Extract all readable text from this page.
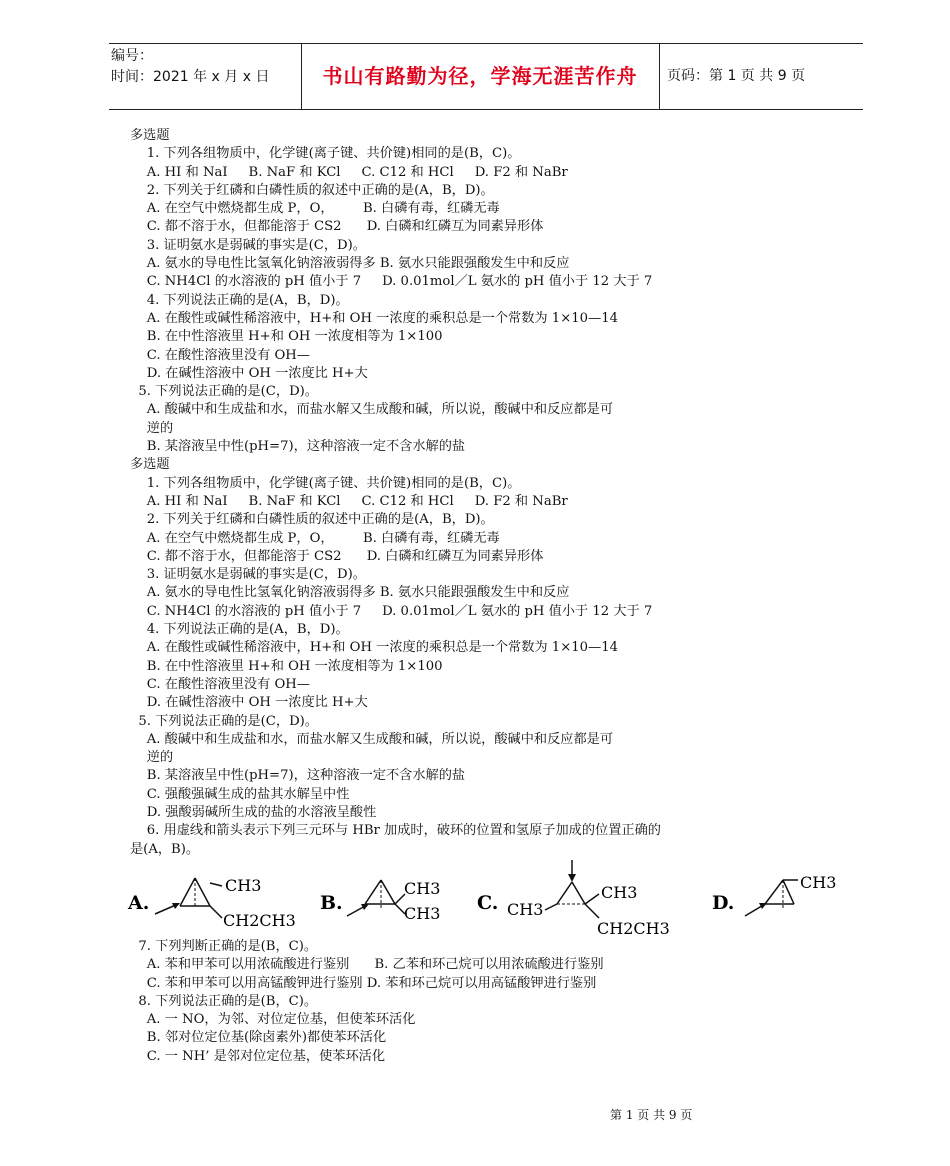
编号：
时间：2021 年 x 月 x 日	书山有路勤为径，学海无涯苦作舟	页码：第 1 页 共 9 页
多选题
1. 下列各组物质中，化学键(离子键、共价键)相同的是(B，C)。
A. HI 和 NaI     B. NaF 和 KCl     C. C12 和 HCl     D. F2 和 NaBr
2. 下列关于红磷和白磷性质的叙述中正确的是(A，B，D)。
A. 在空气中燃烧都生成 P，O，       B. 白磷有毒，红磷无毒
C. 都不溶于水，但都能溶于 CS2      D. 白磷和红磷互为同素异形体
3. 证明氨水是弱碱的事实是(C，D)。
A. 氨水的导电性比氢氧化钠溶液弱得多 B. 氨水只能跟强酸发生中和反应
C. NH4Cl 的水溶液的 pH 值小于 7     D. 0.01mol／L 氨水的 pH 值小于 12 大于 7
4. 下列说法正确的是(A，B，D)。
A. 在酸性或碱性稀溶液中，H+和 OH 一浓度的乘积总是一个常数为 1×10—14
B. 在中性溶液里 H+和 OH 一浓度相等为 1×100
C. 在酸性溶液里没有 OH—
D. 在碱性溶液中 OH 一浓度比 H+大
5. 下列说法正确的是(C，D)。
A. 酸碱中和生成盐和水，而盐水解又生成酸和碱，所以说，酸碱中和反应都是可
逆的
B. 某溶液呈中性(pH=7)，这种溶液一定不含水解的盐
多选题
1. 下列各组物质中，化学键(离子键、共价键)相同的是(B，C)。
A. HI 和 NaI     B. NaF 和 KCl     C. C12 和 HCl     D. F2 和 NaBr
2. 下列关于红磷和白磷性质的叙述中正确的是(A，B，D)。
A. 在空气中燃烧都生成 P，O，       B. 白磷有毒，红磷无毒
C. 都不溶于水，但都能溶于 CS2      D. 白磷和红磷互为同素异形体
3. 证明氨水是弱碱的事实是(C，D)。
A. 氨水的导电性比氢氧化钠溶液弱得多 B. 氨水只能跟强酸发生中和反应
C. NH4Cl 的水溶液的 pH 值小于 7     D. 0.01mol／L 氨水的 pH 值小于 12 大于 7
4. 下列说法正确的是(A，B，D)。
A. 在酸性或碱性稀溶液中，H+和 OH 一浓度的乘积总是一个常数为 1×10—14
B. 在中性溶液里 H+和 OH 一浓度相等为 1×100
C. 在酸性溶液里没有 OH—
D. 在碱性溶液中 OH 一浓度比 H+大
5. 下列说法正确的是(C，D)。
A. 酸碱中和生成盐和水，而盐水解又生成酸和碱，所以说，酸碱中和反应都是可
逆的
B. 某溶液呈中性(pH=7)，这种溶液一定不含水解的盐
C. 强酸强碱生成的盐其水解呈中性
D. 强酸弱碱所生成的盐的水溶液呈酸性
6. 用虚线和箭头表示下列三元环与 HBr 加成时，破环的位置和氢原子加成的位置正确的
是(A，B)。
A.
CH3
CH2CH3
B.
CH3
CH3 C. CH3
CH3
CH2CH3
D.
CH3
7. 下列判断正确的是(B，C)。
A. 苯和甲苯可以用浓硫酸进行鉴别      B. 乙苯和环己烷可以用浓硫酸进行鉴别
C. 苯和甲苯可以用高锰酸钾进行鉴别 D. 苯和环己烷可以用高锰酸钾进行鉴别
8. 下列说法正确的是(B，C)。
A. 一 NO，为邻、对位定位基，但使苯环活化
B. 邻对位定位基(除卤素外)都使苯环活化
C. 一 NH’ 是邻对位定位基，使苯环活化
第 1 页 共 9 页
